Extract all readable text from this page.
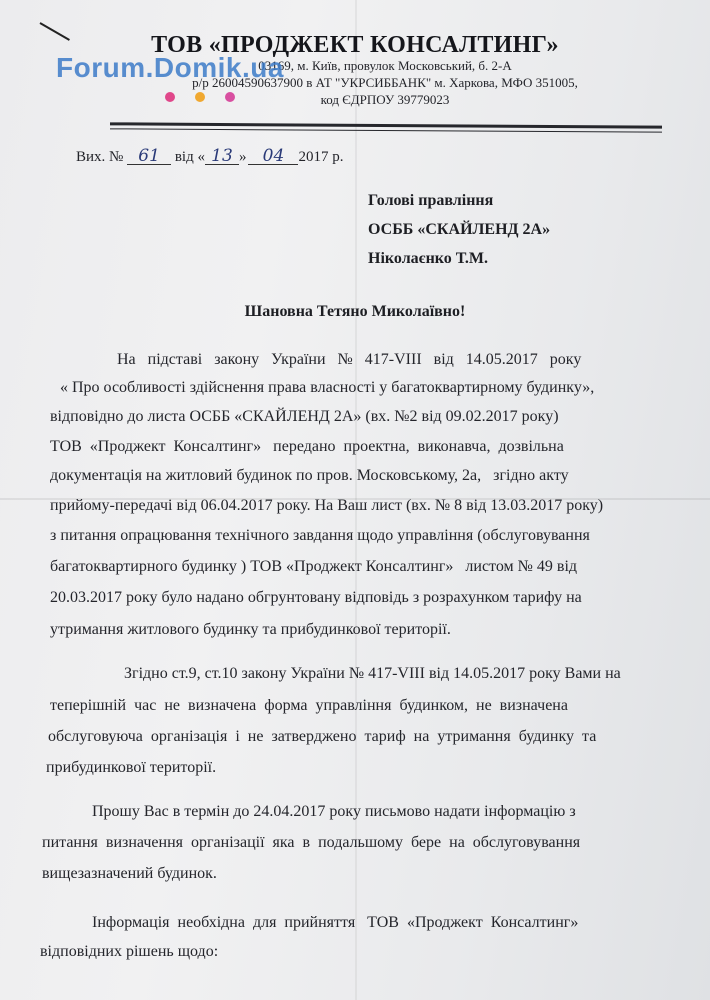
ТОВ «ПРОДЖЕКТ КОНСАЛТИНГ»
03169, м. Київ, провулок Московський, б. 2-А
р/р 26004590637900 в АТ "УКРСИББАНК" м. Харкова, МФО 351005,
код ЄДРПОУ 39779023
Forum.Domik.ua
Вих. № 61 від « 13 » 04 2017 р.
Голові правління
ОСББ «СКАЙЛЕНД 2А»
Ніколаєнко Т.М.
Шановна Тетяно Миколаївно!
На   підставі   закону   України   №   417-VIII   від   14.05.2017   року
« Про особливості здійснення права власності у багатоквартирному будинку»,
відповідно до листа ОСББ «СКАЙЛЕНД 2А» (вх. №2 від 09.02.2017 року)
ТОВ  «Проджект  Консалтинг»   передано  проектна,  виконавча,  дозвільна
документація на житловий будинок по пров. Московському, 2а,   згідно акту
прийому-передачі від 06.04.2017 року. На Ваш лист (вх. № 8 від 13.03.2017 року)
з питання опрацювання технічного завдання щодо управління (обслуговування
багатоквартирного будинку ) ТОВ «Проджект Консалтинг»   листом № 49 від
20.03.2017 року було надано обгрунтовану відповідь з розрахунком тарифу на
утримання житлового будинку та прибудинкової території.
Згідно ст.9, ст.10 закону України № 417-VIII від 14.05.2017 року Вами на
теперішній  час  не  визначена  форма  управління  будинком,  не  визначена
обслуговуюча  організація  і  не  затверджено  тариф  на  утримання  будинку  та
прибудинкової території.
Прошу Вас в термін до 24.04.2017 року письмово надати інформацію з
питання  визначення  організації  яка  в  подальшому  бере  на  обслуговування
вищезазначений будинок.
Інформація  необхідна  для  прийняття   ТОВ  «Проджект  Консалтинг»
відповідних рішень щодо:
